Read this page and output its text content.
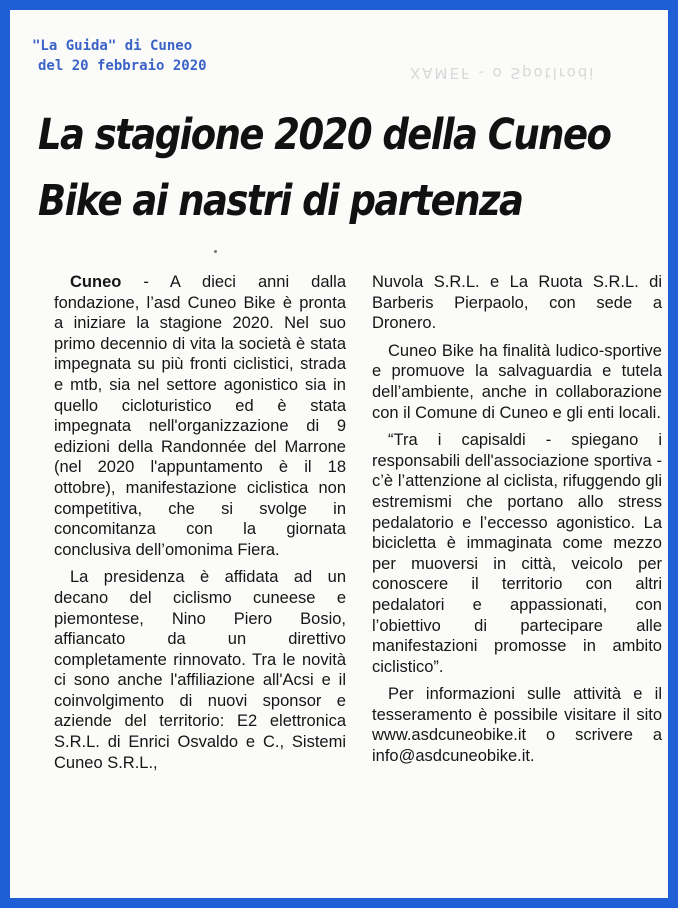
"La Guida" di Cuneo
del 20 febbraio 2020	XAMEF - o Spotlrodi
La stagione 2020 della Cuneo
Bike ai nastri di partenza

Cuneo - A dieci anni dalla fondazione, l’asd Cuneo Bike è pronta a iniziare la stagione 2020. Nel suo primo decennio di vita la società è stata impegnata su più fronti ciclistici, strada e mtb, sia nel settore agonistico sia in quello cicloturistico ed è stata impegnata nell'organizzazione di 9 edizioni della Randonnée del Marrone (nel 2020 l'appuntamento è il 18 ottobre), manifestazione ciclistica non competitiva, che si svolge in concomitanza con la giornata conclusiva dell’omonima Fiera.

La presidenza è affidata ad un decano del ciclismo cuneese e piemontese, Nino Piero Bosio, affiancato da un direttivo completamente rinnovato. Tra le novità ci sono anche l'affiliazione all'Acsi e il coinvolgimento di nuovi sponsor e aziende del territorio: E2 elettronica S.R.L. di Enrici Osvaldo e C., Sistemi Cuneo S.R.L.,

Nuvola S.R.L. e La Ruota S.R.L. di Barberis Pierpaolo, con sede a Dronero.

Cuneo Bike ha finalità ludico-sportive e promuove la salvaguardia e tutela dell’ambiente, anche in collaborazione con il Comune di Cuneo e gli enti locali.

“Tra i capisaldi - spiegano i responsabili dell'associazione sportiva - c’è l’attenzione al ciclista, rifuggendo gli estremismi che portano allo stress pedalatorio e l’eccesso agonistico. La bicicletta è immaginata come mezzo per muoversi in città, veicolo per conoscere il territorio con altri pedalatori e appassionati, con l’obiettivo di partecipare alle manifestazioni promosse in ambito ciclistico”.

Per informazioni sulle attività e il tesseramento è possibile visitare il sito www.asdcuneobike.it o scrivere a info@asdcuneobike.it.
